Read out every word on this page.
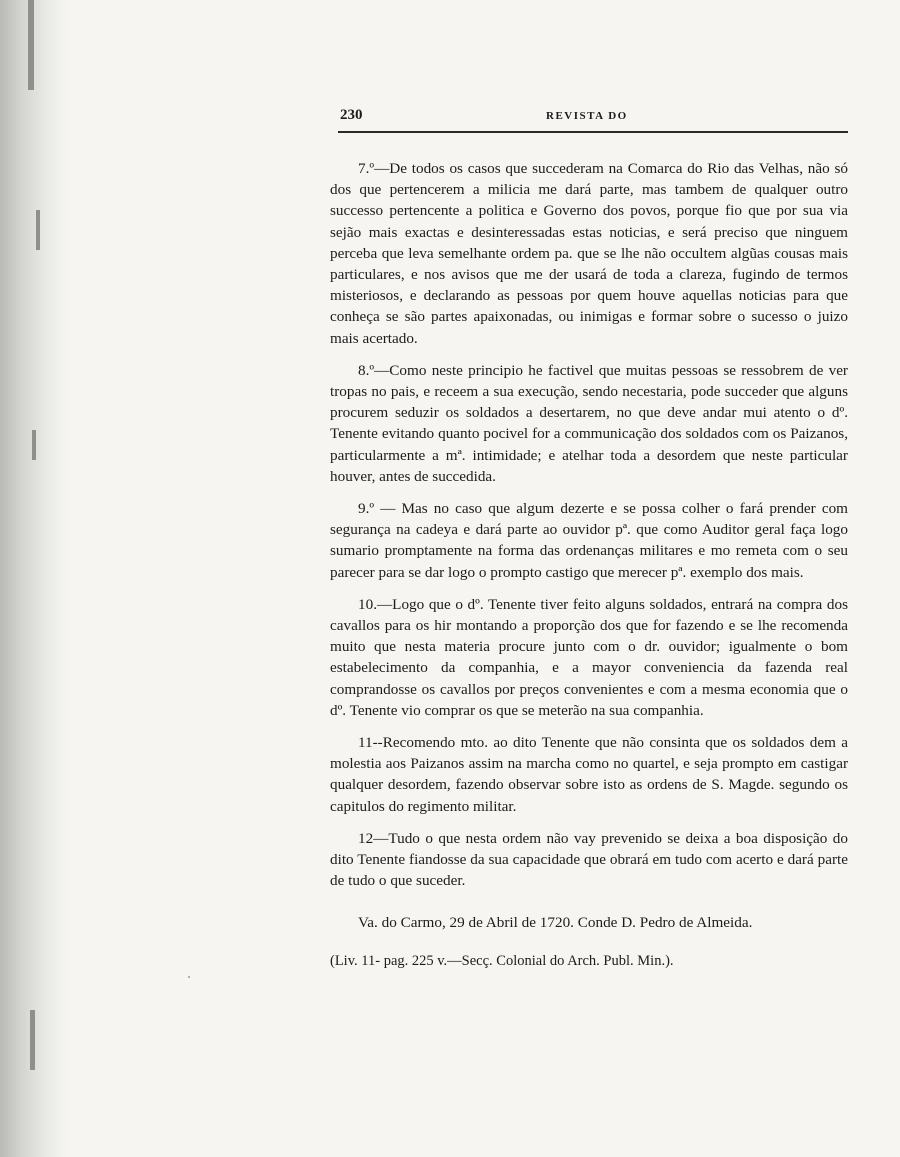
230	REVISTA DO

7.º—De todos os casos que succederam na Comarca do Rio das Velhas, não só dos que pertencerem a milicia me dará parte, mas tambem de qualquer outro successo pertencente a politica e Governo dos povos, porque fio que por sua via sejão mais exactas e desinteressadas estas noticias, e será preciso que ninguem perceba que leva semelhante ordem pa. que se lhe não occultem algũas cousas mais particulares, e nos avisos que me der usará de toda a clareza, fugindo de termos misteriosos, e declarando as pessoas por quem houve aquellas noticias para que conheça se são partes apaixonadas, ou inimigas e formar sobre o sucesso o juizo mais acertado.

8.º—Como neste principio he factivel que muitas pessoas se ressobrem de ver tropas no pais, e receem a sua execução, sendo necestaria, pode succeder que alguns procurem seduzir os soldados a desertarem, no que deve andar mui atento o dº. Tenente evitando quanto pocivel for a communicação dos soldados com os Paizanos, particularmente a mª. intimidade; e atelhar toda a desordem que neste particular houver, antes de succedida.

9.º — Mas no caso que algum dezerte e se possa colher o fará prender com segurança na cadeya e dará parte ao ouvidor pª. que como Auditor geral faça logo sumario promptamente na forma das ordenanças militares e mo remeta com o seu parecer para se dar logo o prompto castigo que merecer pª. exemplo dos mais.

10.—Logo que o dº. Tenente tiver feito alguns soldados, entrará na compra dos cavallos para os hir montando a proporção dos que for fazendo e se lhe recomenda muito que nesta materia procure junto com o dr. ouvidor; igualmente o bom estabelecimento da companhia, e a mayor conveniencia da fazenda real comprandosse os cavallos por preços convenientes e com a mesma economia que o dº. Tenente vio comprar os que se meterão na sua companhia.

11--Recomendo mto. ao dito Tenente que não consinta que os soldados dem a molestia aos Paizanos assim na marcha como no quartel, e seja prompto em castigar qualquer desordem, fazendo observar sobre isto as ordens de S. Magde. segundo os capitulos do regimento militar.

12—Tudo o que nesta ordem não vay prevenido se deixa a boa disposição do dito Tenente fiandosse da sua capacidade que obrará em tudo com acerto e dará parte de tudo o que suceder.

Va. do Carmo, 29 de Abril de 1720. Conde D. Pedro de Almeida.

(Liv. 11- pag. 225 v.—Secç. Colonial do Arch. Publ. Min.).
